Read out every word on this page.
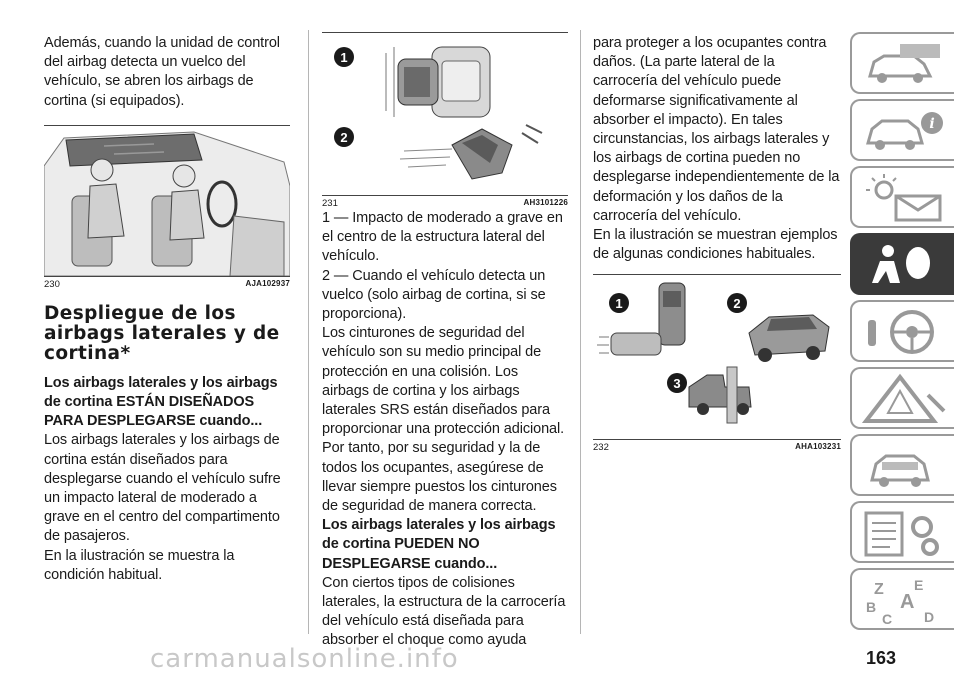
Además, cuando la unidad de control del airbag detecta un vuelco del vehículo, se abren los airbags de cortina (si equipados).

230	AJA102937
Despliegue de los airbags laterales y de cortina*

Los airbags laterales y los airbags de cortina ESTÁN DISEÑADOS PARA DESPLEGARSE cuando...

Los airbags laterales y los airbags de cortina están diseñados para desplegarse cuando el vehículo sufre un impacto lateral de moderado a grave en el centro del compartimento de pasajeros.

En la ilustración se muestra la condición habitual.

1
2
231	AH3101226

1 — Impacto de moderado a grave en el centro de la estructura lateral del vehículo.

2 — Cuando el vehículo detecta un vuelco (solo airbag de cortina, si se proporciona).

Los cinturones de seguridad del vehículo son su medio principal de protección en una colisión. Los airbags de cortina y los airbags laterales SRS están diseñados para proporcionar una protección adicional.

Por tanto, por su seguridad y la de todos los ocupantes, asegúrese de llevar siempre puestos los cinturones de seguridad de manera correcta.

Los airbags laterales y los airbags de cortina PUEDEN NO DESPLEGARSE cuando...

Con ciertos tipos de colisiones laterales, la estructura de la carrocería del vehículo está diseñada para absorber el choque como ayuda

para proteger a los ocupantes contra daños. (La parte lateral de la carrocería del vehículo puede deformarse significativamente al absorber el impacto). En tales circunstancias, los airbags laterales y los airbags de cortina pueden no desplegarse independientemente de la deformación y los daños de la carrocería del vehículo.

En la ilustración se muestran ejemplos de algunas condiciones habituales.

1	2
3
232	AHA103231
i
Z E
A
B
C D
carmanualsonline.info	163
